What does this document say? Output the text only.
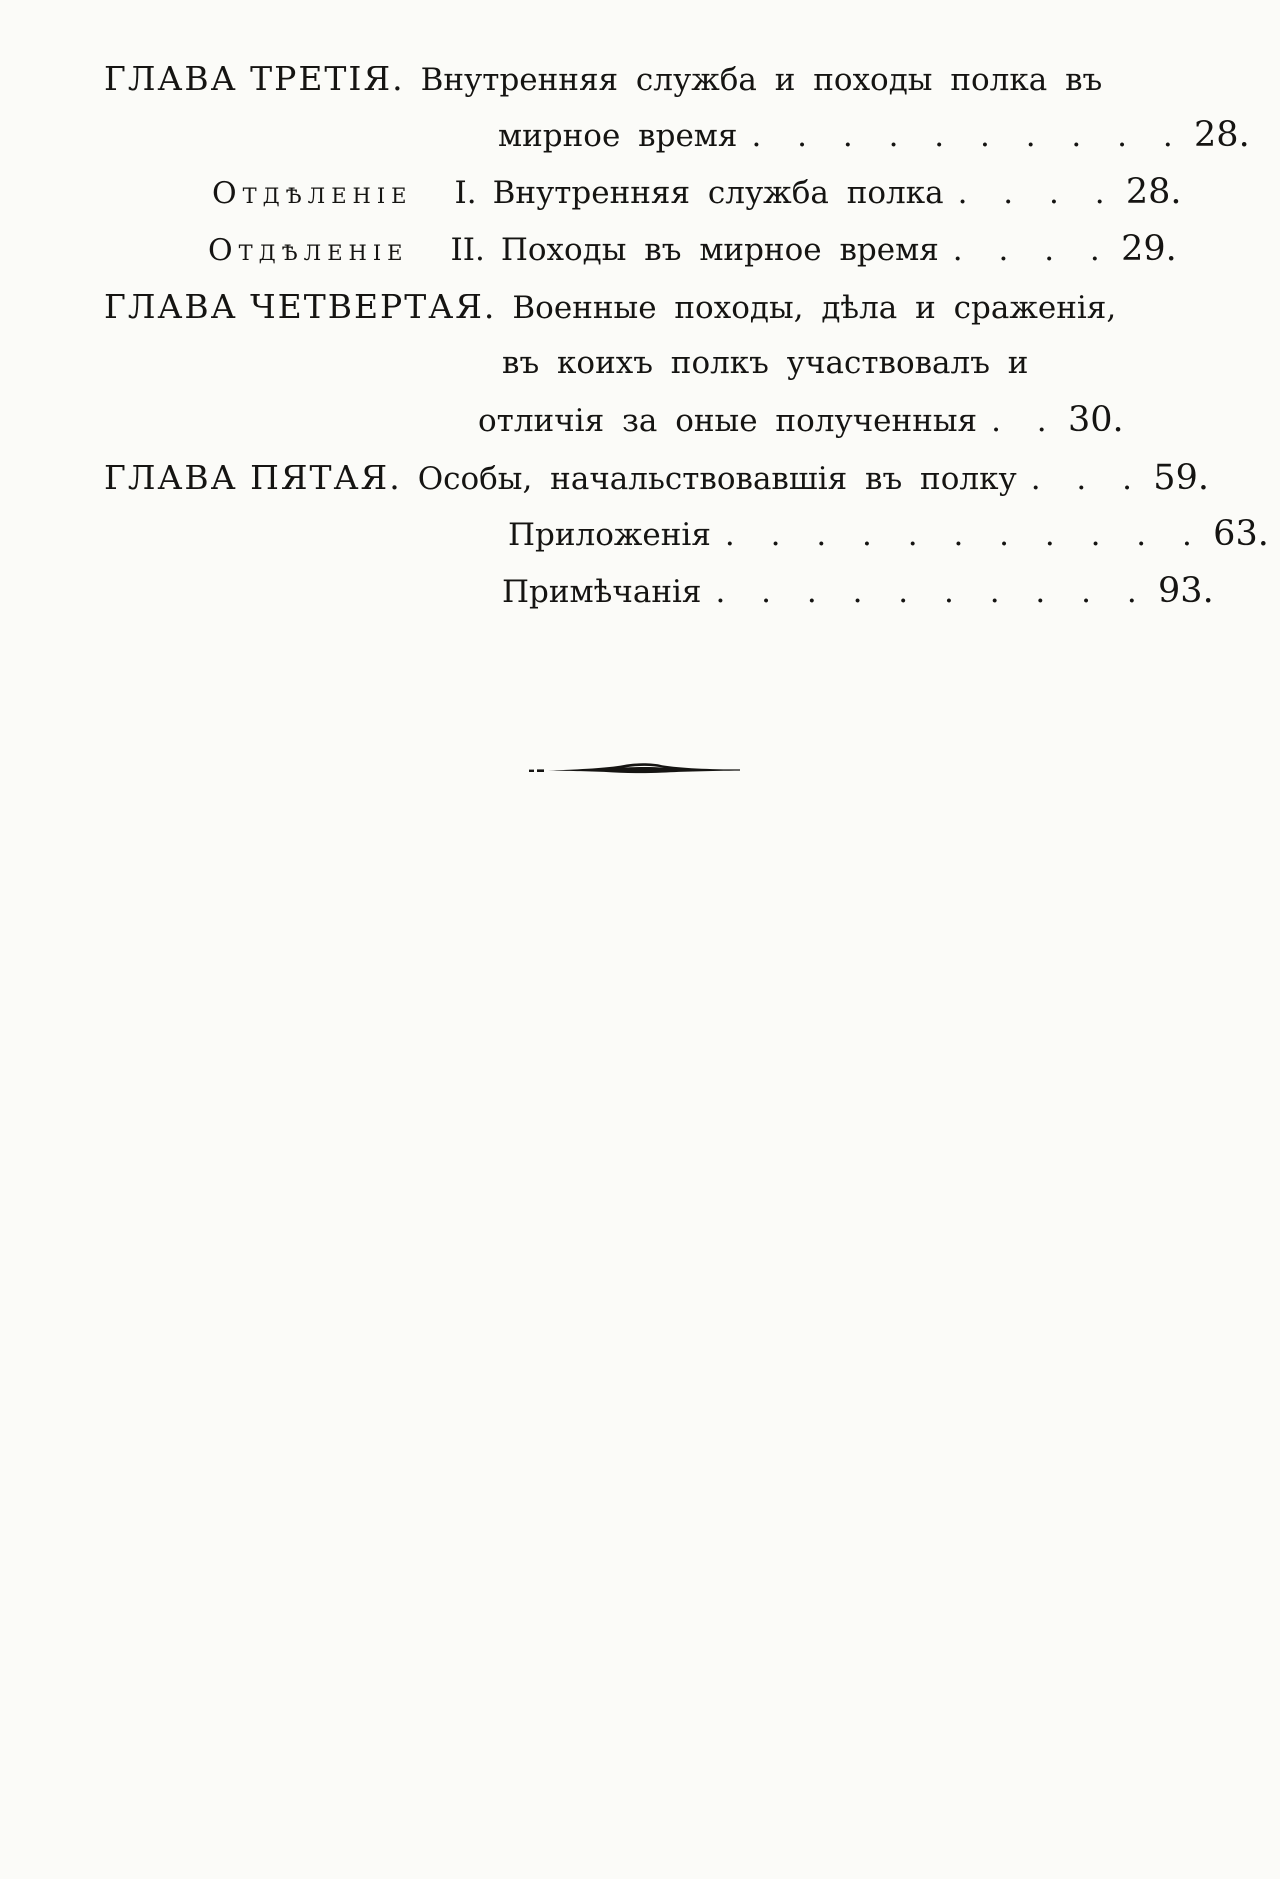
ГЛАВА ТРЕТІЯ. Внутренняя служба и походы полка въ
мирное время . . . . . . . . . . 28.
Отдѣленіе I. Внутренняя служба полка . . . . 28.
Отдѣленіе II. Походы въ мирное время . . . . 29.
ГЛАВА ЧЕТВЕРТАЯ. Военные походы, дѣла и сраженія,
въ коихъ полкъ участвовалъ и
отличія за оные полученныя . . 30.
ГЛАВА ПЯТАЯ. Особы, начальствовавшія въ полку . . . 59.
Приложенія . . . . . . . . . . . 63.
Примѣчанія . . . . . . . . . . 93.
